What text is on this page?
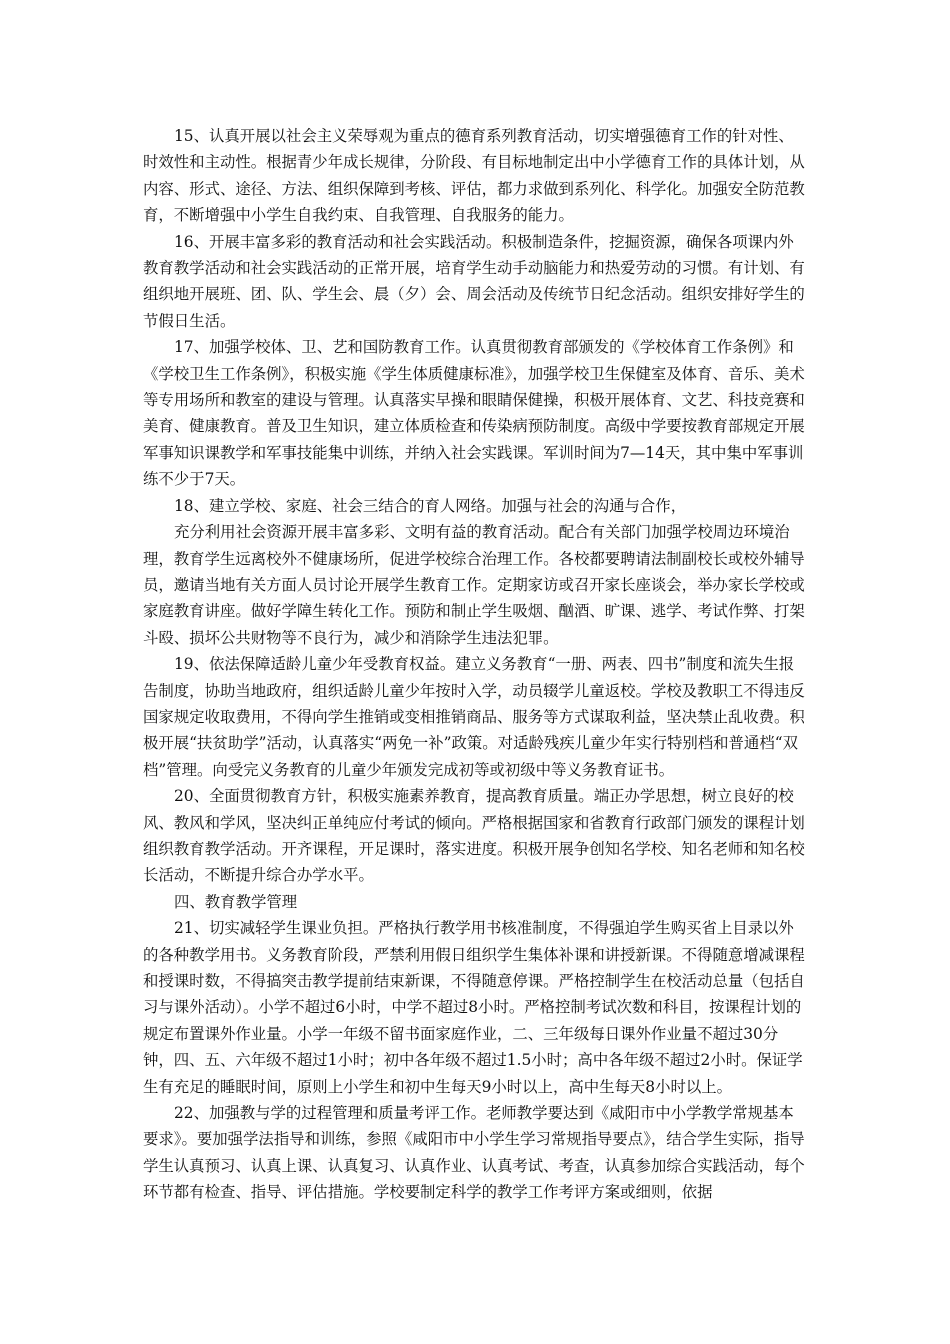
15、认真开展以社会主义荣辱观为重点的德育系列教育活动，切实增强德育工作的针对性、时效性和主动性。根据青少年成长规律，分阶段、有目标地制定出中小学德育工作的具体计划，从内容、形式、途径、方法、组织保障到考核、评估，都力求做到系列化、科学化。加强安全防范教育，不断增强中小学生自我约束、自我管理、自我服务的能力。

16、开展丰富多彩的教育活动和社会实践活动。积极制造条件，挖掘资源，确保各项课内外教育教学活动和社会实践活动的正常开展，培育学生动手动脑能力和热爱劳动的习惯。有计划、有组织地开展班、团、队、学生会、晨（夕）会、周会活动及传统节日纪念活动。组织安排好学生的节假日生活。

17、加强学校体、卫、艺和国防教育工作。认真贯彻教育部颁发的《学校体育工作条例》和《学校卫生工作条例》，积极实施《学生体质健康标准》，加强学校卫生保健室及体育、音乐、美术等专用场所和教室的建设与管理。认真落实早操和眼睛保健操，积极开展体育、文艺、科技竞赛和美育、健康教育。普及卫生知识，建立体质检查和传染病预防制度。高级中学要按教育部规定开展军事知识课教学和军事技能集中训练，并纳入社会实践课。军训时间为7—14天，其中集中军事训练不少于7天。

18、建立学校、家庭、社会三结合的育人网络。加强与社会的沟通与合作，

充分利用社会资源开展丰富多彩、文明有益的教育活动。配合有关部门加强学校周边环境治理，教育学生远离校外不健康场所，促进学校综合治理工作。各校都要聘请法制副校长或校外辅导员，邀请当地有关方面人员讨论开展学生教育工作。定期家访或召开家长座谈会，举办家长学校或家庭教育讲座。做好学障生转化工作。预防和制止学生吸烟、酗酒、旷课、逃学、考试作弊、打架斗殴、损坏公共财物等不良行为，减少和消除学生违法犯罪。

19、依法保障适龄儿童少年受教育权益。建立义务教育“一册、两表、四书”制度和流失生报告制度，协助当地政府，组织适龄儿童少年按时入学，动员辍学儿童返校。学校及教职工不得违反国家规定收取费用，不得向学生推销或变相推销商品、服务等方式谋取利益，坚决禁止乱收费。积极开展“扶贫助学”活动，认真落实“两免一补”政策。对适龄残疾儿童少年实行特别档和普通档“双档”管理。向受完义务教育的儿童少年颁发完成初等或初级中等义务教育证书。

20、全面贯彻教育方针，积极实施素养教育，提高教育质量。端正办学思想，树立良好的校风、教风和学风，坚决纠正单纯应付考试的倾向。严格根据国家和省教育行政部门颁发的课程计划组织教育教学活动。开齐课程，开足课时，落实进度。积极开展争创知名学校、知名老师和知名校长活动，不断提升综合办学水平。

四、教育教学管理

21、切实减轻学生课业负担。严格执行教学用书核准制度，不得强迫学生购买省上目录以外的各种教学用书。义务教育阶段，严禁利用假日组织学生集体补课和讲授新课。不得随意增减课程和授课时数，不得搞突击教学提前结束新课，不得随意停课。严格控制学生在校活动总量（包括自习与课外活动）。小学不超过6小时，中学不超过8小时。严格控制考试次数和科目，按课程计划的规定布置课外作业量。小学一年级不留书面家庭作业，二、三年级每日课外作业量不超过30分钟，四、五、六年级不超过1小时；初中各年级不超过1.5小时；高中各年级不超过2小时。保证学生有充足的睡眠时间，原则上小学生和初中生每天9小时以上，高中生每天8小时以上。

22、加强教与学的过程管理和质量考评工作。老师教学要达到《咸阳市中小学教学常规基本要求》。要加强学法指导和训练，参照《咸阳市中小学生学习常规指导要点》，结合学生实际，指导学生认真预习、认真上课、认真复习、认真作业、认真考试、考查，认真参加综合实践活动，每个环节都有检查、指导、评估措施。学校要制定科学的教学工作考评方案或细则，依据
